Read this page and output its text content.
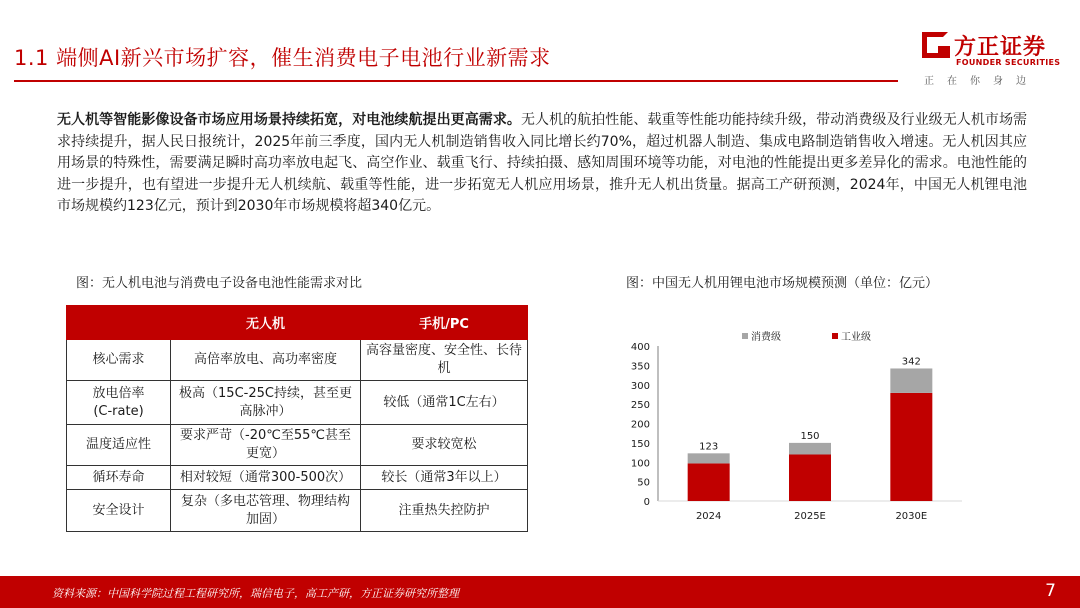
1.1 端侧AI新兴市场扩容，催生消费电子电池行业新需求	方正证券
FOUNDER SECURITIES
正在你身边
无人机等智能影像设备市场应用场景持续拓宽，对电池续航提出更高需求。无人机的航拍性能、载重等性能功能持续升级，带动消费级及行业级无人机市场需求持续提升，据人民日报统计，2025年前三季度，国内无人机制造销售收入同比增长约70%，超过机器人制造、集成电路制造销售收入增速。无人机因其应用场景的特殊性，需要满足瞬时高功率放电起飞、高空作业、载重飞行、持续拍摄、感知周围环境等功能，对电池的性能提出更多差异化的需求。电池性能的进一步提升，也有望进一步提升无人机续航、载重等性能，进一步拓宽无人机应用场景，推升无人机出货量。据高工产研预测，2024年，中国无人机锂电池市场规模约123亿元，预计到2030年市场规模将超340亿元。
图：无人机电池与消费电子设备电池性能需求对比	图：中国无人机用锂电池市场规模预测（单位：亿元）
	无人机	手机/PC
核心需求	高倍率放电、高功率密度	高容量密度、安全性、长待机
放电倍率
(C-rate)	极高（15C-25C持续，甚至更高脉冲）	较低（通常1C左右）
温度适应性	要求严苛（-20℃至55℃甚至更宽）	要求较宽松
循环寿命	相对较短（通常300-500次）	较长（通常3年以上）
安全设计	复杂（多电芯管理、物理结构加固）	注重热失控防护	0
50
100
150
200
250
300
350
400
123
2024
150
2025E
342
2030E
消费级	工业级
资料来源：中国科学院过程工程研究所，瑞信电子，高工产研，方正证券研究所整理	7
